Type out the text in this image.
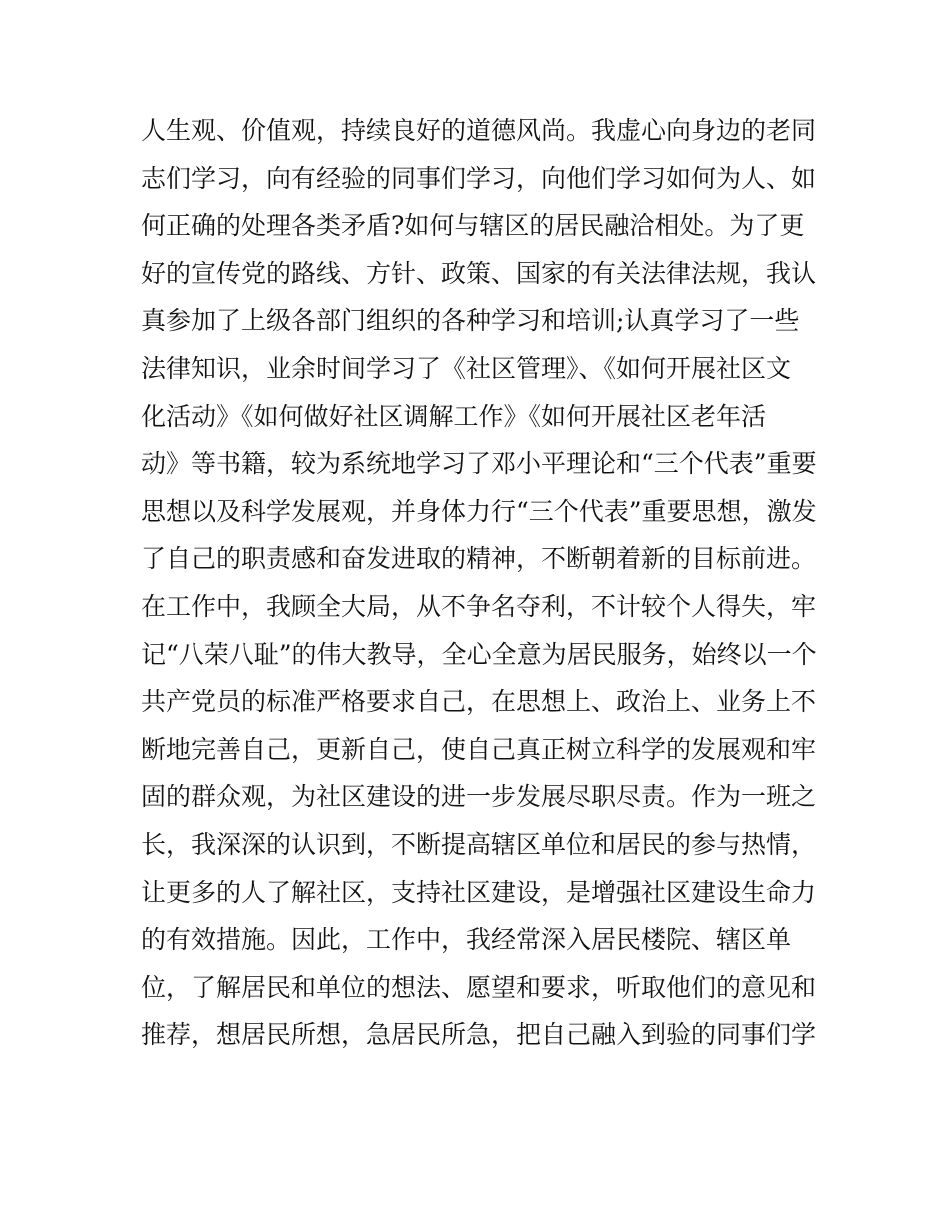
人生观、价值观，持续良好的道德风尚。我虚心向身边的老同
志们学习，向有经验的同事们学习，向他们学习如何为人、如
何正确的处理各类矛盾?如何与辖区的居民融洽相处。为了更
好的宣传党的路线、方针、政策、国家的有关法律法规，我认
真参加了上级各部门组织的各种学习和培训;认真学习了一些
法律知识，业余时间学习了《社区管理》、《如何开展社区文
化活动》《如何做好社区调解工作》《如何开展社区老年活
动》等书籍，较为系统地学习了邓小平理论和“三个代表”重要
思想以及科学发展观，并身体力行“三个代表”重要思想，激发
了自己的职责感和奋发进取的精神，不断朝着新的目标前进。
在工作中，我顾全大局，从不争名夺利，不计较个人得失，牢
记“八荣八耻”的伟大教导，全心全意为居民服务，始终以一个
共产党员的标准严格要求自己，在思想上、政治上、业务上不
断地完善自己，更新自己，使自己真正树立科学的发展观和牢
固的群众观，为社区建设的进一步发展尽职尽责。作为一班之
长，我深深的认识到，不断提高辖区单位和居民的参与热情，
让更多的人了解社区，支持社区建设，是增强社区建设生命力
的有效措施。因此，工作中，我经常深入居民楼院、辖区单
位，了解居民和单位的想法、愿望和要求，听取他们的意见和
推荐，想居民所想，急居民所急，把自己融入到验的同事们学
